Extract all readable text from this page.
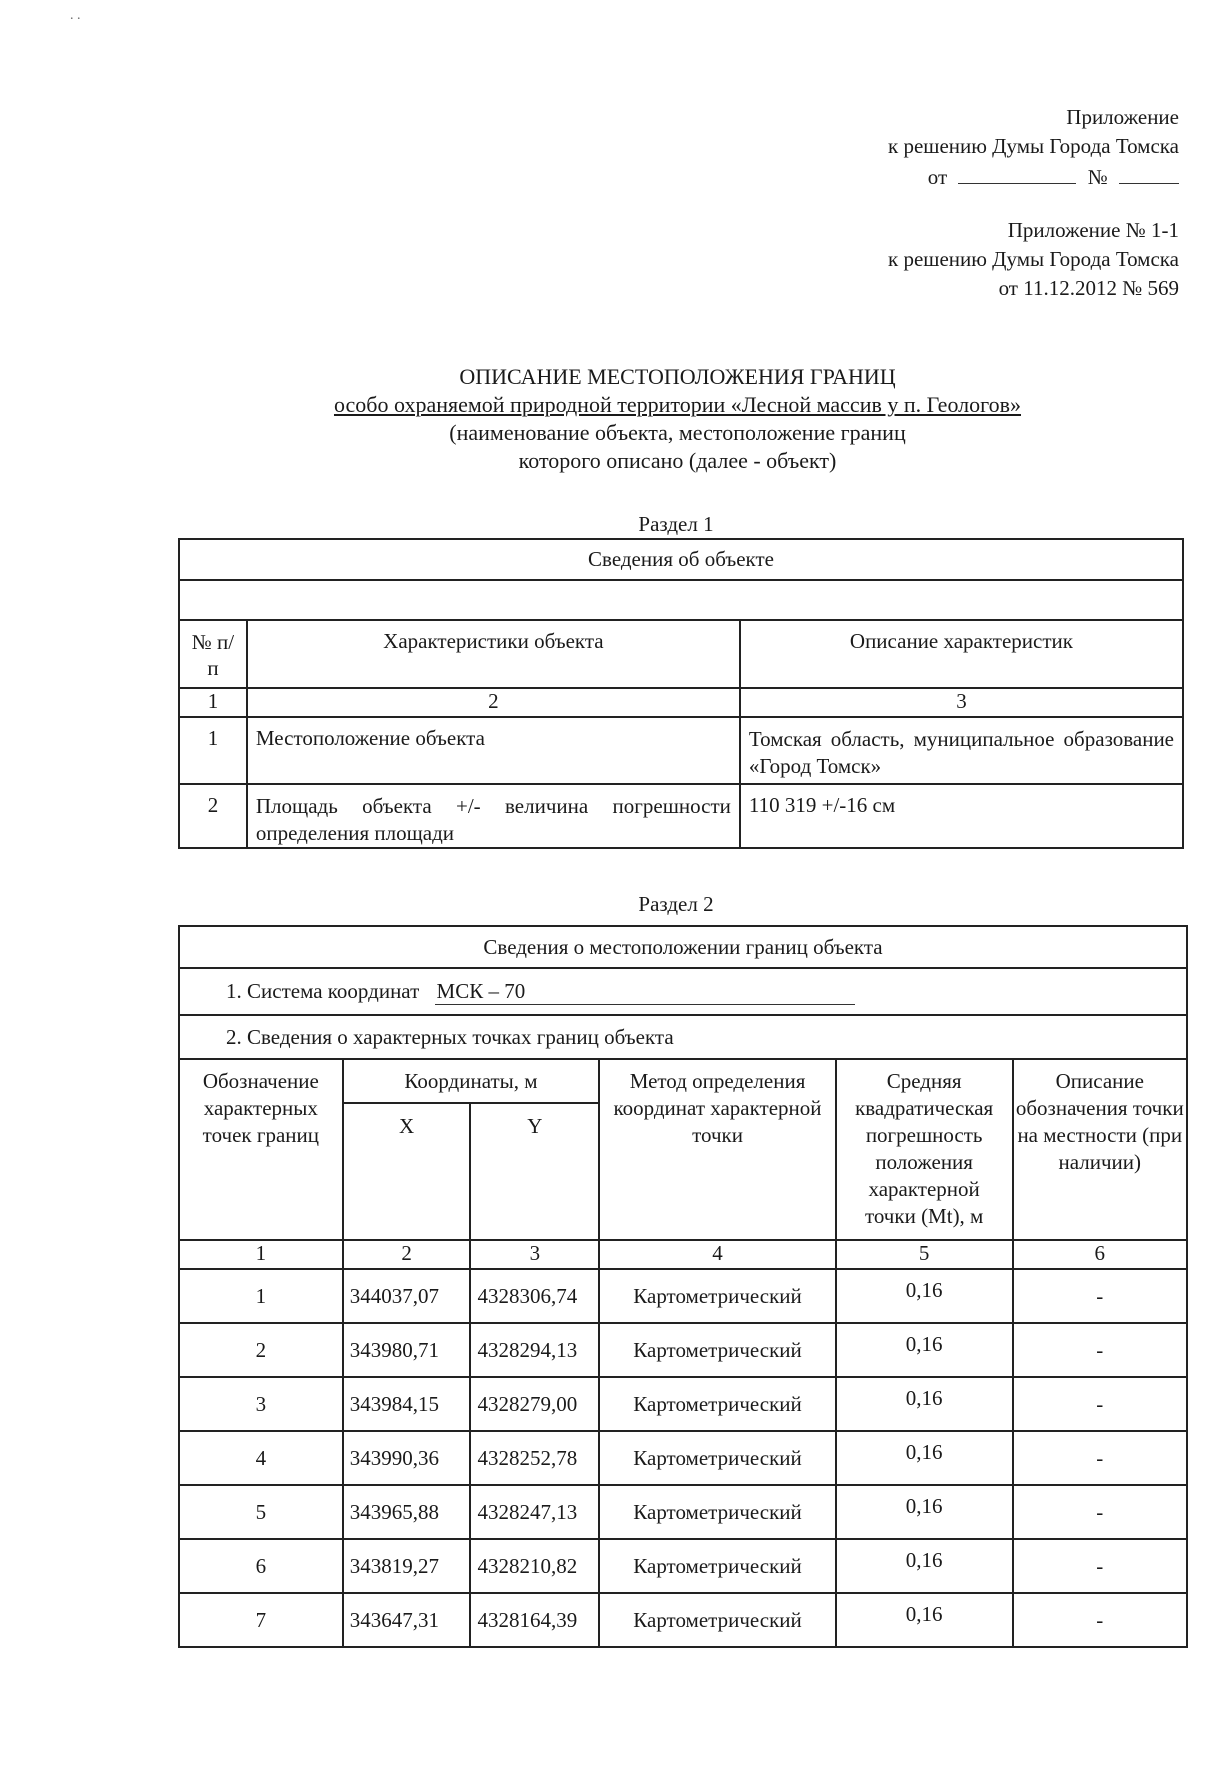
. .
Приложение
к решению Думы Города Томска
от	№
Приложение № 1-1
к решению Думы Города Томска
от 11.12.2012 № 569
ОПИСАНИЕ МЕСТОПОЛОЖЕНИЯ ГРАНИЦ
особо охраняемой природной территории «Лесной массив у п. Геологов»
(наименование объекта, местоположение границ
которого описано (далее - объект)
Раздел 1
Сведения об объекте		

№ п/п	Характеристики объекта	Описание характеристик
1	2	3
1	Местоположение объекта	Томская область, муниципальное образование «Город Томск»
2	Площадь объекта +/- величина погрешности определения площади	110 319 +/-16 см
Раздел 2
Сведения о местоположении границ объекта					
1. Система координат МСК – 70					
2. Сведения о характерных точках границ объекта					
Обозначение характерных точек границ	Координаты, м		Метод определения координат характерной точки	Средняя квадратическая погрешность положения характерной точки (Mt), м	Описание обозначения точки на местности (при наличии)
	X	Y			
1	2	3	4	5	6
1	344037,07	4328306,74	Картометрический	0,16	-
2	343980,71	4328294,13	Картометрический	0,16	-
3	343984,15	4328279,00	Картометрический	0,16	-
4	343990,36	4328252,78	Картометрический	0,16	-
5	343965,88	4328247,13	Картометрический	0,16	-
6	343819,27	4328210,82	Картометрический	0,16	-
7	343647,31	4328164,39	Картометрический	0,16	-
